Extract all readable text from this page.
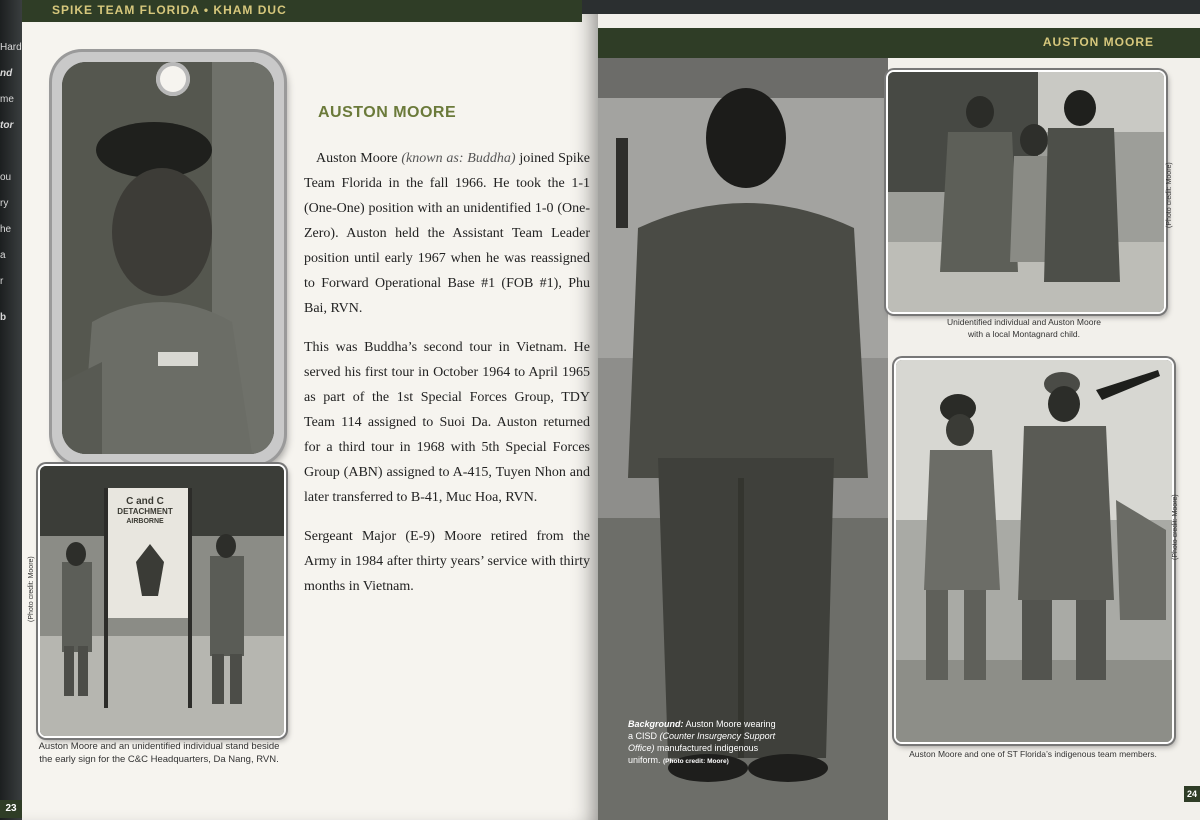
Hard
nd
me
tor
ou
ry
he
a
r
b
SPIKE TEAM FLORIDA • KHAM DUC
C and C
DETACHMENT
AIRBORNE
(Photo credit: Moore)
Auston Moore and an unidentified individual stand beside the early sign for the C&C Headquarters, Da Nang, RVN.
AUSTON MOORE

Auston Moore (known as: Buddha) joined Spike Team Florida in the fall 1966. He took the 1-1 (One-One) position with an unidentified 1-0 (One-Zero). Auston held the Assistant Team Leader position until early 1967 when he was reassigned to Forward Operational Base #1 (FOB #1), Phu Bai, RVN.

This was Buddha’s second tour in Vietnam. He served his first tour in October 1964 to April 1965 as part of the 1st Special Forces Group, TDY Team 114 assigned to Suoi Da. Auston returned for a third tour in 1968 with 5th Special Forces Group (ABN) assigned to A-415, Tuyen Nhon and later transferred to B-41, Muc Hoa, RVN.

Sergeant Major (E-9) Moore retired from the Army in 1984 after thirty years’ service with thirty months in Vietnam.

23
AUSTON MOORE
Background: Auston Moore wearing a CISD (Counter Insurgency Support Office) manufactured indigenous uniform. (Photo credit: Moore)
(Photo credit: Moore)
Unidentified individual and Auston Moore
with a local Montagnard child.
(Photo credit: Moore)
Auston Moore and one of ST Florida’s indigenous team members.
24
